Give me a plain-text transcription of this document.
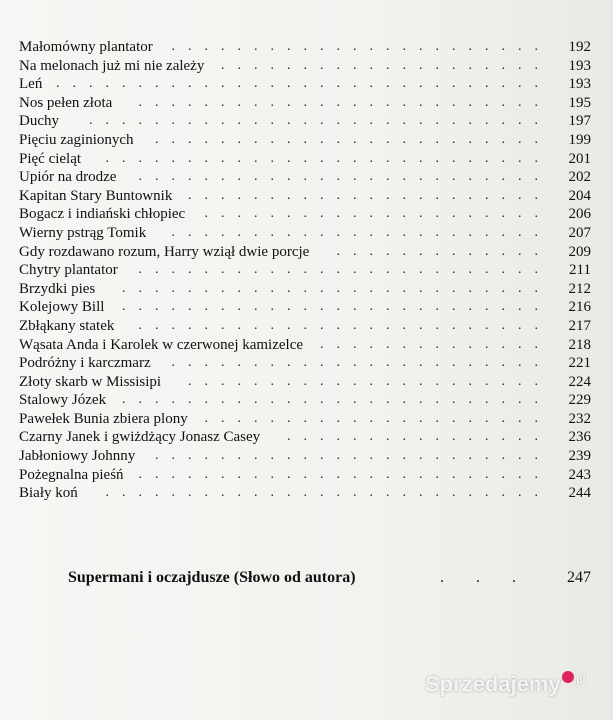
Małomówny plantator .......................	192
Na melonach już mi nie zależy ....................	193
Leń ..............................	193
Nos pełen złota .........................	195
Duchy ............................	197
Pięciu zaginionych ........................	199
Pięć cieląt ...........................	201
Upiór na drodze .........................	202
Kapitan Stary Buntownik ......................	204
Bogacz i indiański chłopiec .....................	206
Wierny pstrąg Tomik .......................	207
Gdy rozdawano rozum, Harry wziął dwie porcje .............	209
Chytry plantator .........................	211
Brzydki pies ..........................	212
Kolejowy Bill ..........................	216
Zbłąkany statek .........................	217
Wąsata Anda i Karolek w czerwonej kamizelce ..............	218
Podróżny i karczmarz .......................	221
Złoty skarb w Missisipi ......................	224
Stalowy Józek ..........................	229
Pawełek Bunia zbiera plony .....................	232
Czarny Janek i gwiżdżący Jonasz Casey ................	236
Jabłoniowy Johnny ........................	239
Pożegnalna pieśń .........................	243
Biały koń ...........................	244
Supermani i oczajdusze (Słowo od autora)	. . . 247
Sprzedajemy $^{.pl}$
